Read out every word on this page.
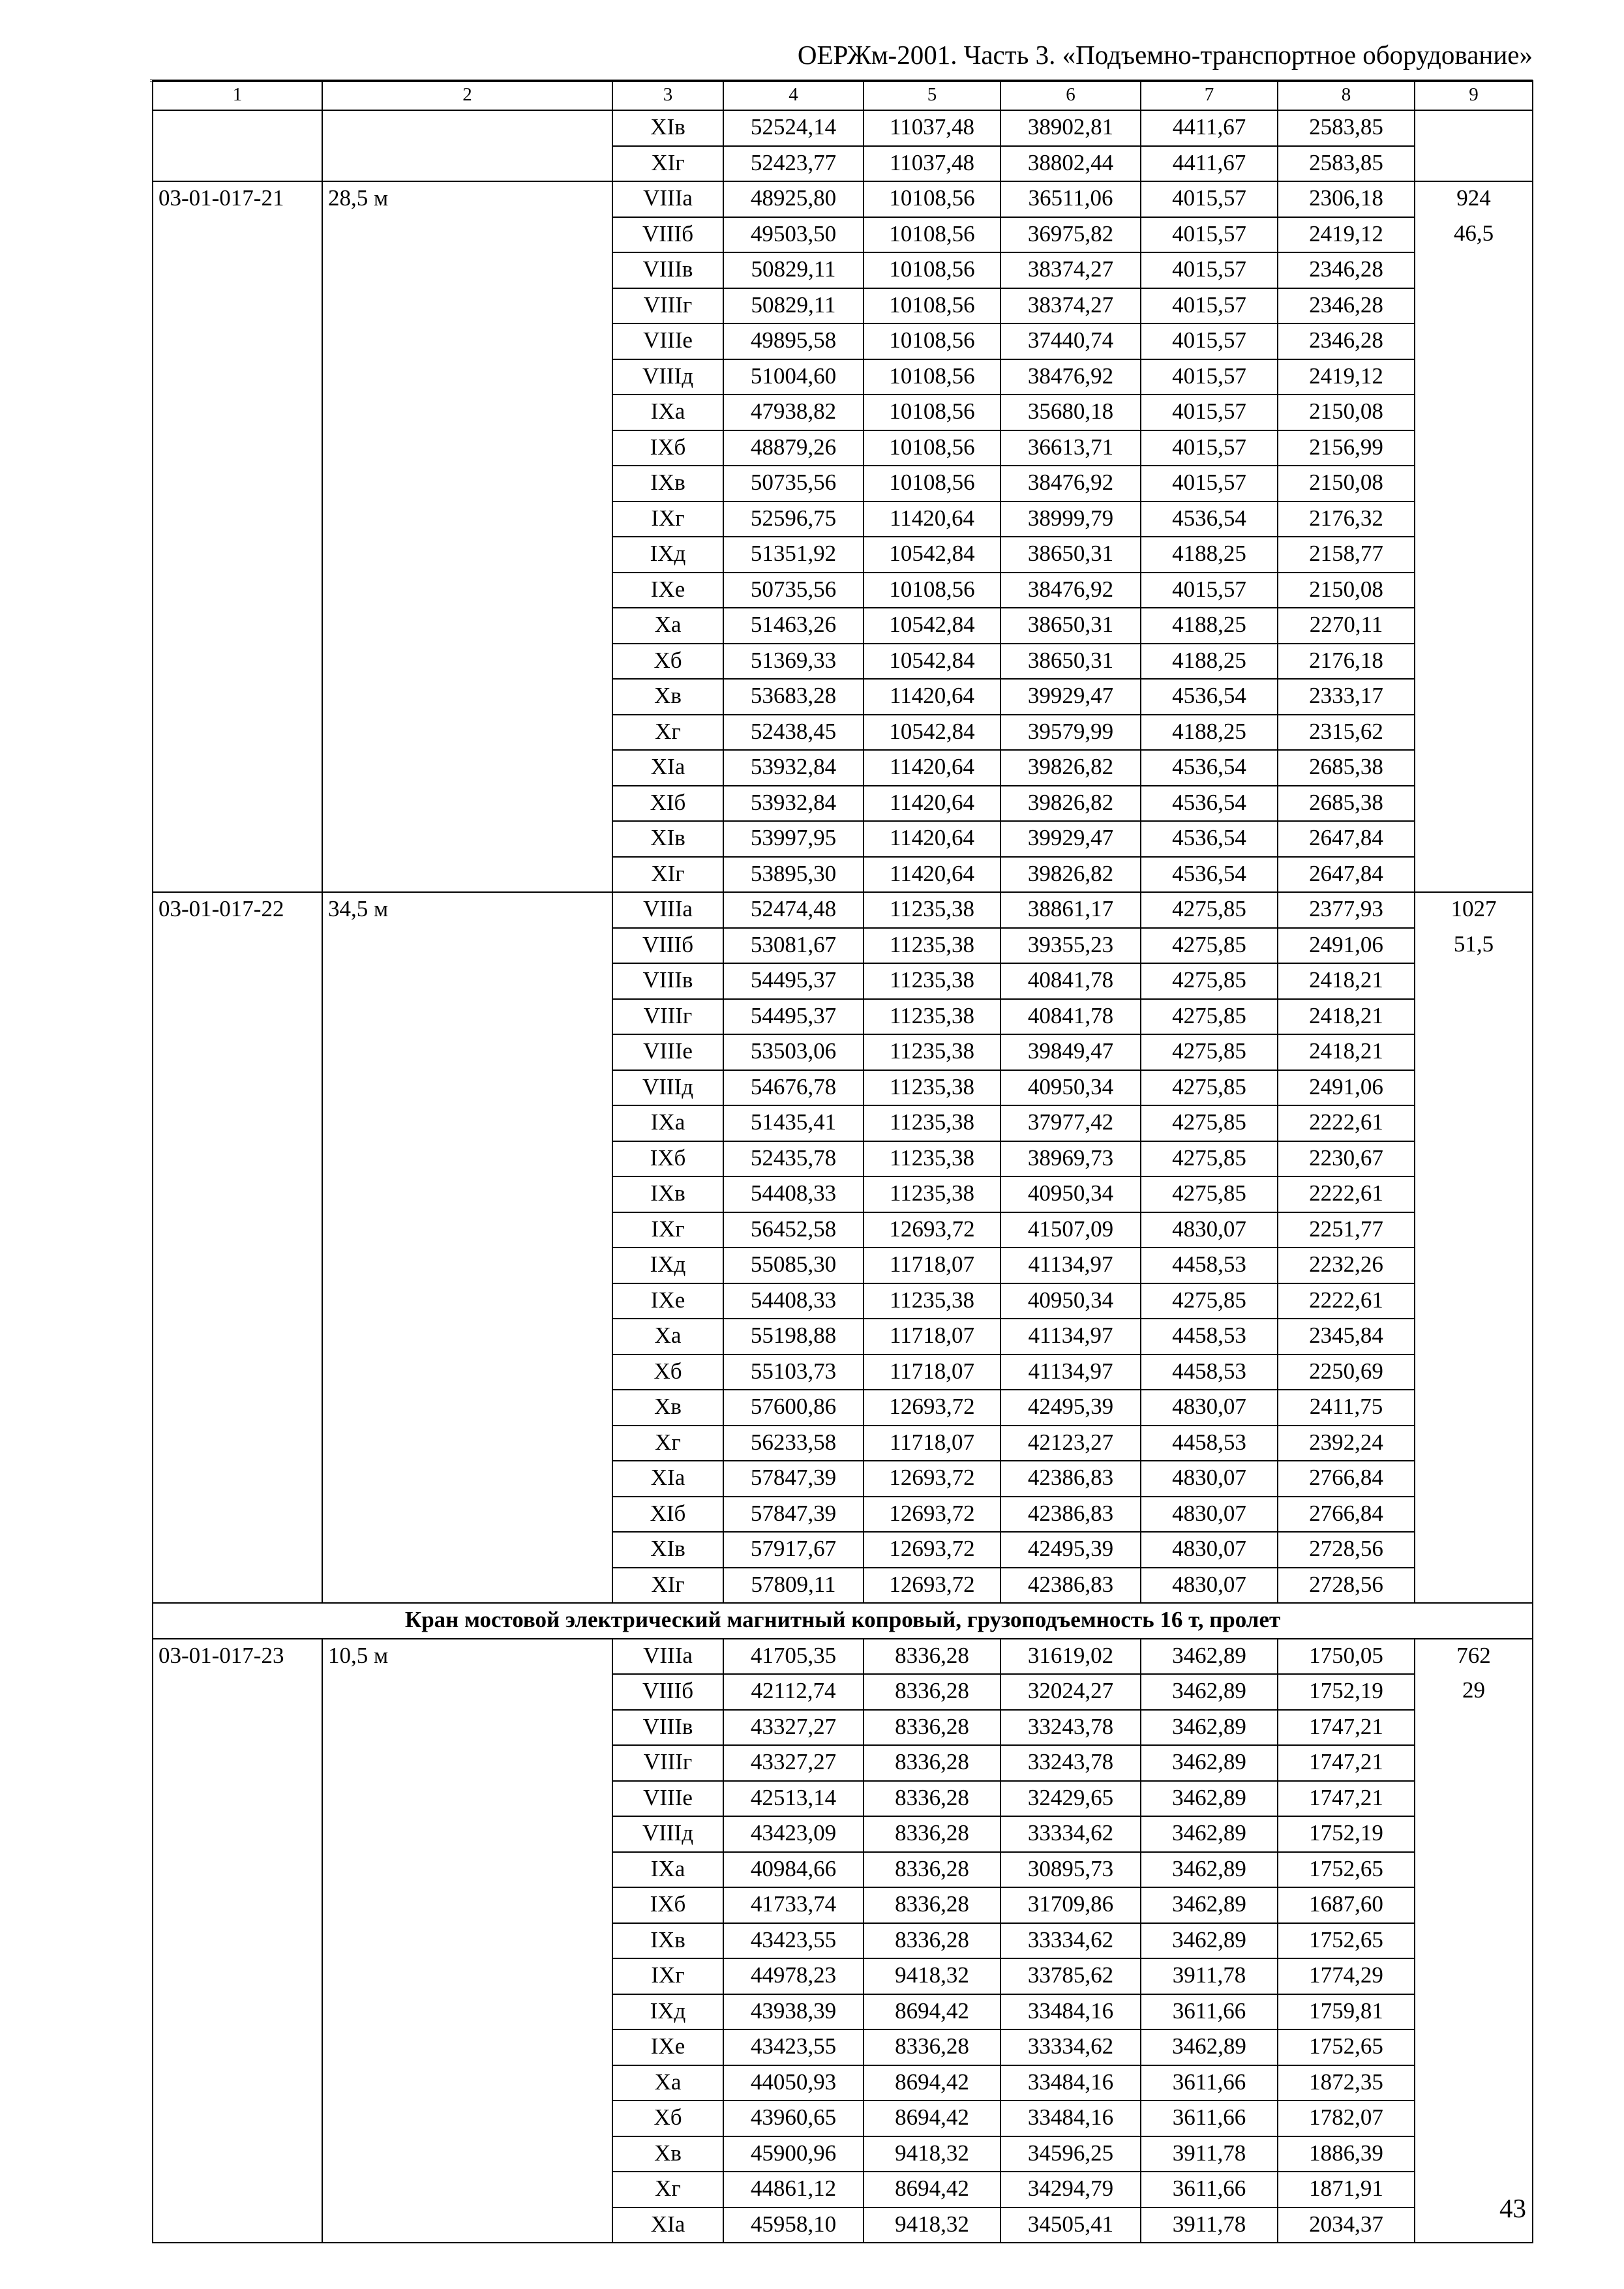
ОЕРЖм-2001. Часть 3. «Подъемно-транспортное оборудование»
1	2	3	4	5	6	7	8	9
		XIв	52524,14	11037,48	38902,81	4411,67	2583,85	
		XIг	52423,77	11037,48	38802,44	4411,67	2583,85	
03-01-017-21	28,5 м	VIIIа	48925,80	10108,56	36511,06	4015,57	2306,18	924
		VIIIб	49503,50	10108,56	36975,82	4015,57	2419,12	46,5
		VIIIв	50829,11	10108,56	38374,27	4015,57	2346,28	
		VIIIг	50829,11	10108,56	38374,27	4015,57	2346,28	
		VIIIе	49895,58	10108,56	37440,74	4015,57	2346,28	
		VIIIд	51004,60	10108,56	38476,92	4015,57	2419,12	
		IXа	47938,82	10108,56	35680,18	4015,57	2150,08	
		IXб	48879,26	10108,56	36613,71	4015,57	2156,99	
		IXв	50735,56	10108,56	38476,92	4015,57	2150,08	
		IXг	52596,75	11420,64	38999,79	4536,54	2176,32	
		IXд	51351,92	10542,84	38650,31	4188,25	2158,77	
		IXе	50735,56	10108,56	38476,92	4015,57	2150,08	
		Xа	51463,26	10542,84	38650,31	4188,25	2270,11	
		Xб	51369,33	10542,84	38650,31	4188,25	2176,18	
		Xв	53683,28	11420,64	39929,47	4536,54	2333,17	
		Xг	52438,45	10542,84	39579,99	4188,25	2315,62	
		XIа	53932,84	11420,64	39826,82	4536,54	2685,38	
		XIб	53932,84	11420,64	39826,82	4536,54	2685,38	
		XIв	53997,95	11420,64	39929,47	4536,54	2647,84	
		XIг	53895,30	11420,64	39826,82	4536,54	2647,84	
03-01-017-22	34,5 м	VIIIа	52474,48	11235,38	38861,17	4275,85	2377,93	1027
		VIIIб	53081,67	11235,38	39355,23	4275,85	2491,06	51,5
		VIIIв	54495,37	11235,38	40841,78	4275,85	2418,21	
		VIIIг	54495,37	11235,38	40841,78	4275,85	2418,21	
		VIIIе	53503,06	11235,38	39849,47	4275,85	2418,21	
		VIIIд	54676,78	11235,38	40950,34	4275,85	2491,06	
		IXа	51435,41	11235,38	37977,42	4275,85	2222,61	
		IXб	52435,78	11235,38	38969,73	4275,85	2230,67	
		IXв	54408,33	11235,38	40950,34	4275,85	2222,61	
		IXг	56452,58	12693,72	41507,09	4830,07	2251,77	
		IXд	55085,30	11718,07	41134,97	4458,53	2232,26	
		IXе	54408,33	11235,38	40950,34	4275,85	2222,61	
		Xа	55198,88	11718,07	41134,97	4458,53	2345,84	
		Xб	55103,73	11718,07	41134,97	4458,53	2250,69	
		Xв	57600,86	12693,72	42495,39	4830,07	2411,75	
		Xг	56233,58	11718,07	42123,27	4458,53	2392,24	
		XIа	57847,39	12693,72	42386,83	4830,07	2766,84	
		XIб	57847,39	12693,72	42386,83	4830,07	2766,84	
		XIв	57917,67	12693,72	42495,39	4830,07	2728,56	
		XIг	57809,11	12693,72	42386,83	4830,07	2728,56	
Кран мостовой электрический магнитный копровый, грузоподъемность 16 т, пролет								
03-01-017-23	10,5 м	VIIIа	41705,35	8336,28	31619,02	3462,89	1750,05	762
		VIIIб	42112,74	8336,28	32024,27	3462,89	1752,19	29
		VIIIв	43327,27	8336,28	33243,78	3462,89	1747,21	
		VIIIг	43327,27	8336,28	33243,78	3462,89	1747,21	
		VIIIе	42513,14	8336,28	32429,65	3462,89	1747,21	
		VIIIд	43423,09	8336,28	33334,62	3462,89	1752,19	
		IXа	40984,66	8336,28	30895,73	3462,89	1752,65	
		IXб	41733,74	8336,28	31709,86	3462,89	1687,60	
		IXв	43423,55	8336,28	33334,62	3462,89	1752,65	
		IXг	44978,23	9418,32	33785,62	3911,78	1774,29	
		IXд	43938,39	8694,42	33484,16	3611,66	1759,81	
		IXе	43423,55	8336,28	33334,62	3462,89	1752,65	
		Xа	44050,93	8694,42	33484,16	3611,66	1872,35	
		Xб	43960,65	8694,42	33484,16	3611,66	1782,07	
		Xв	45900,96	9418,32	34596,25	3911,78	1886,39	
		Xг	44861,12	8694,42	34294,79	3611,66	1871,91	
		XIа	45958,10	9418,32	34505,41	3911,78	2034,37	
43
